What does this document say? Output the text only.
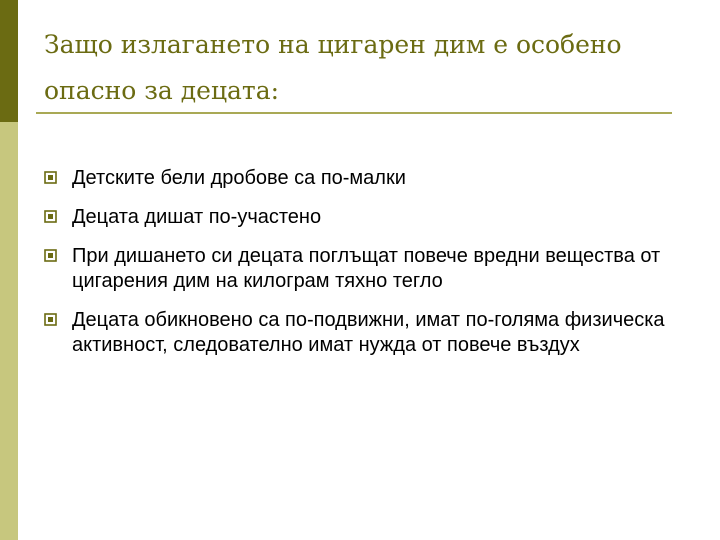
Защо излагането на цигарен дим е особено опасно за децата:
Детските бели дробове са по-малки
Децата дишат по-участено
При дишането си децата поглъщат повече вредни вещества от цигарения дим на килограм тяхно тегло
Децата обикновено са по-подвижни, имат по-голяма физическа активност, следователно имат нужда от повече въздух
